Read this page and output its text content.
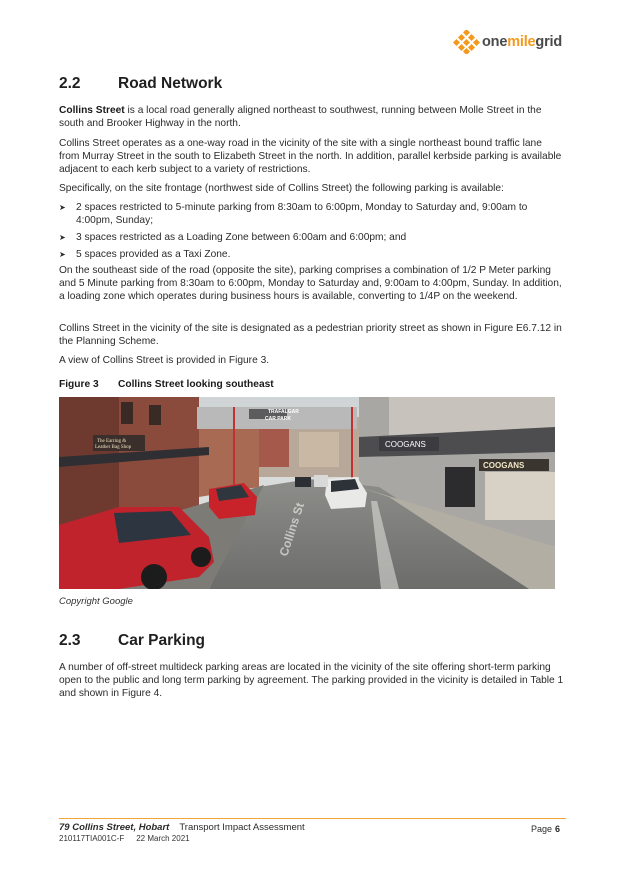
onemilegrid
2.2	Road Network
Collins Street is a local road generally aligned northeast to southwest, running between Molle Street in the south and Brooker Highway in the north.
Collins Street operates as a one-way road in the vicinity of the site with a single northeast bound traffic lane from Murray Street in the south to Elizabeth Street in the north. In addition, parallel kerbside parking is available adjacent to each kerb subject to a variety of restrictions.
Specifically, on the site frontage (northwest side of Collins Street) the following parking is available:
➤ 2 spaces restricted to 5-minute parking from 8:30am to 6:00pm, Monday to Saturday and, 9:00am to 4:00pm, Sunday;
➤ 3 spaces restricted as a Loading Zone between 6:00am and 6:00pm; and
➤ 5 spaces provided as a Taxi Zone.
On the southeast side of the road (opposite the site), parking comprises a combination of 1/2 P Meter parking and 5 Minute parking from 8:30am to 6:00pm, Monday to Saturday and, 9:00am to 4:00pm, Sunday. In addition, a loading zone which operates during business hours is available, converting to 1/4P on the weekend.
Collins Street in the vicinity of the site is designated as a pedestrian priority street as shown in Figure E6.7.12 in the Planning Scheme.
A view of Collins Street is provided in Figure 3.
Figure 3	Collins Street looking southeast
TRAFALGAR
CAR PARK
The Earring &
Leather Bag Shop	COOGANS
COOGANS
Collins St
Copyright Google
2.3	Car Parking
A number of off-street multideck parking areas are located in the vicinity of the site offering short-term parking open to the public and long term parking by agreement. The parking provided in the vicinity is detailed in Table 1 and shown in Figure 4.
79 Collins Street, Hobart Transport Impact Assessment
210117TIA001C-F 22 March 2021
Page 6
